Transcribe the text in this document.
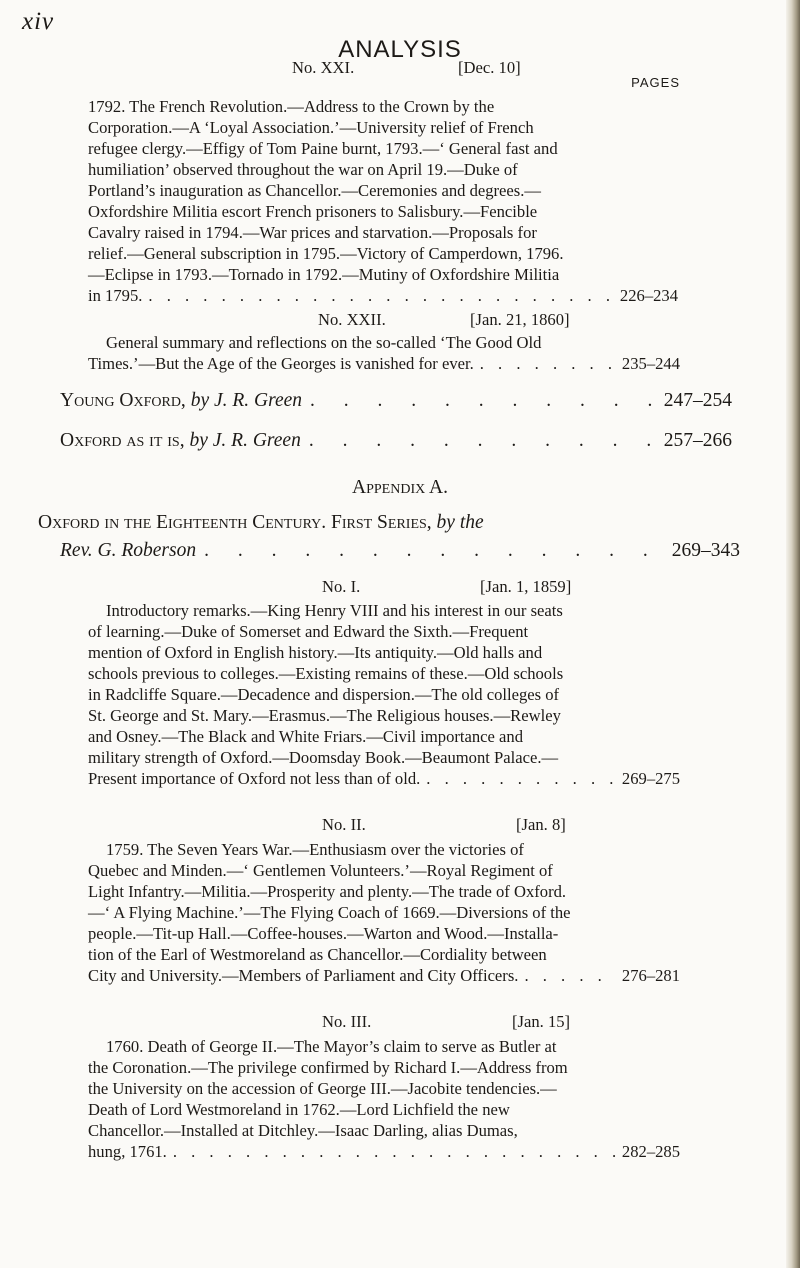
xiv
ANALYSIS
No. XXI.	[Dec. 10]
PAGES
1792. The French Revolution.—Address to the Crown by the
Corporation.—A ‘Loyal Association.’—University relief of French
refugee clergy.—Effigy of Tom Paine burnt, 1793.—‘ General fast and
humiliation’ observed throughout the war on April 19.—Duke of
Portland’s inauguration as Chancellor.—Ceremonies and degrees.—
Oxfordshire Militia escort French prisoners to Salisbury.—Fencible
Cavalry raised in 1794.—War prices and starvation.—Proposals for
relief.—General subscription in 1795.—Victory of Camperdown, 1796.
—Eclipse in 1793.—Tornado in 1792.—Mutiny of Oxfordshire Militia
in 1795. . . .	226–234
No. XXII.	[Jan. 21, 1860]
General summary and reflections on the so-called ‘The Good Old
Times.’—But the Age of the Georges is vanished for ever. . . .	235–244
Young Oxford,
by J. R. Green . . .	247–254
Oxford as it is,
by J. R. Green . . .	257–266
Appendix A.
Oxford in the Eighteenth Century. First Series, by the
Rev. G. Roberson . . .	269–343
No. I.	[Jan. 1, 1859]
Introductory remarks.—King Henry VIII and his interest in our seats
of learning.—Duke of Somerset and Edward the Sixth.—Frequent
mention of Oxford in English history.—Its antiquity.—Old halls and
schools previous to colleges.—Existing remains of these.—Old schools
in Radcliffe Square.—Decadence and dispersion.—The old colleges of
St. George and St. Mary.—Erasmus.—The Religious houses.—Rewley
and Osney.—The Black and White Friars.—Civil importance and
military strength of Oxford.—Doomsday Book.—Beaumont Palace.—
Present importance of Oxford not less than of old. . . .	269–275
No. II.	[Jan. 8]
1759. The Seven Years War.—Enthusiasm over the victories of
Quebec and Minden.—‘ Gentlemen Volunteers.’—Royal Regiment of
Light Infantry.—Militia.—Prosperity and plenty.—The trade of Oxford.
—‘ A Flying Machine.’—The Flying Coach of 1669.—Diversions of the
people.—Tit-up Hall.—Coffee-houses.—Warton and Wood.—Installa-
tion of the Earl of Westmoreland as Chancellor.—Cordiality between
City and University.—Members of Parliament and City Officers. . . .	276–281
No. III.	[Jan. 15]
1760. Death of George II.—The Mayor’s claim to serve as Butler at
the Coronation.—The privilege confirmed by Richard I.—Address from
the University on the accession of George III.—Jacobite tendencies.—
Death of Lord Westmoreland in 1762.—Lord Lichfield the new
Chancellor.—Installed at Ditchley.—Isaac Darling, alias Dumas,
hung, 1761. . . .	282–285
